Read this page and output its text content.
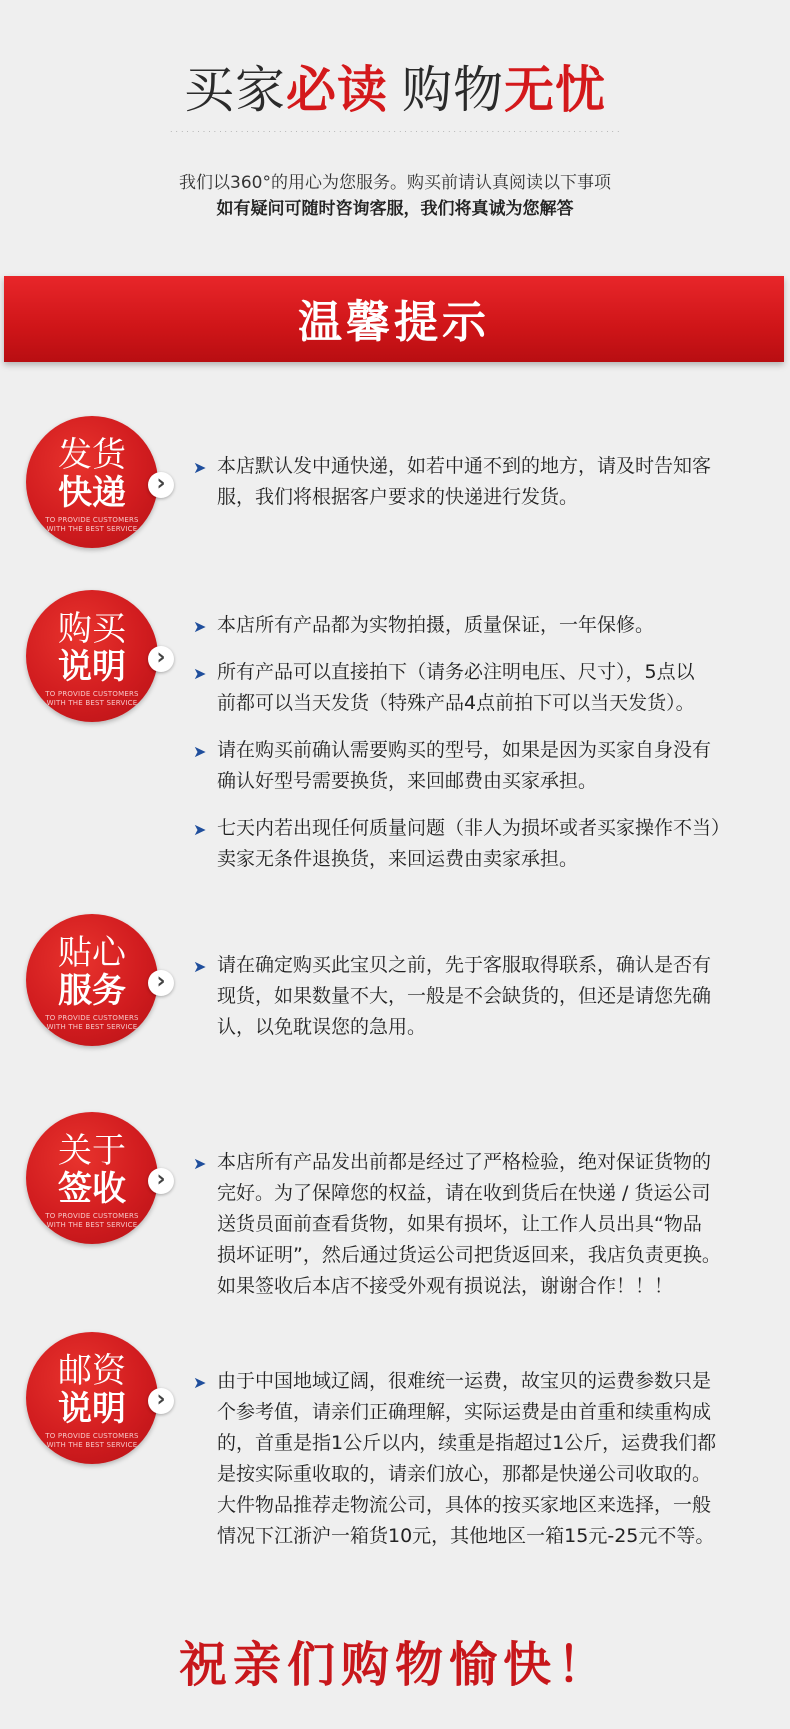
买家必读 购物无忧
· · · · · · · · · · · · · · · · · · · · · · · · · · · · · · · · · · · · · · · · · · · · · · · · · · · · · · · · · · · · · · · · · · · · · · · · · · · · · · · · · · ·
我们以360°的用心为您服务。购买前请认真阅读以下事项
如有疑问可随时咨询客服，我们将真诚为您解答
温馨提示
发货
快递
TO PROVIDE CUSTOMERS
WITH THE BEST SERVICE
›
➤ 本店默认发中通快递，如若中通不到的地方，请及时告知客
服，我们将根据客户要求的快递进行发货。
购买
说明
TO PROVIDE CUSTOMERS
WITH THE BEST SERVICE
›
➤ 本店所有产品都为实物拍摄，质量保证，一年保修。
➤ 所有产品可以直接拍下（请务必注明电压、尺寸），5点以
前都可以当天发货（特殊产品4点前拍下可以当天发货）。
➤ 请在购买前确认需要购买的型号，如果是因为买家自身没有
确认好型号需要换货，来回邮费由买家承担。
➤ 七天内若出现任何质量问题（非人为损坏或者买家操作不当）
卖家无条件退换货，来回运费由卖家承担。
贴心
服务
TO PROVIDE CUSTOMERS
WITH THE BEST SERVICE
›
➤ 请在确定购买此宝贝之前，先于客服取得联系，确认是否有
现货，如果数量不大，一般是不会缺货的，但还是请您先确
认，以免耽误您的急用。
关于
签收
TO PROVIDE CUSTOMERS
WITH THE BEST SERVICE
›
➤ 本店所有产品发出前都是经过了严格检验，绝对保证货物的
完好。为了保障您的权益，请在收到货后在快递 / 货运公司
送货员面前查看货物，如果有损坏，让工作人员出具“物品
损坏证明”，然后通过货运公司把货返回来，我店负责更换。
如果签收后本店不接受外观有损说法，谢谢合作！！！
邮资
说明
TO PROVIDE CUSTOMERS
WITH THE BEST SERVICE
›
➤ 由于中国地域辽阔，很难统一运费，故宝贝的运费参数只是
个参考值，请亲们正确理解，实际运费是由首重和续重构成
的，首重是指1公斤以内，续重是指超过1公斤，运费我们都
是按实际重收取的，请亲们放心，那都是快递公司收取的。
大件物品推荐走物流公司，具体的按买家地区来选择，一般
情况下江浙沪一箱货10元，其他地区一箱15元-25元不等。
祝亲们购物愉快！
